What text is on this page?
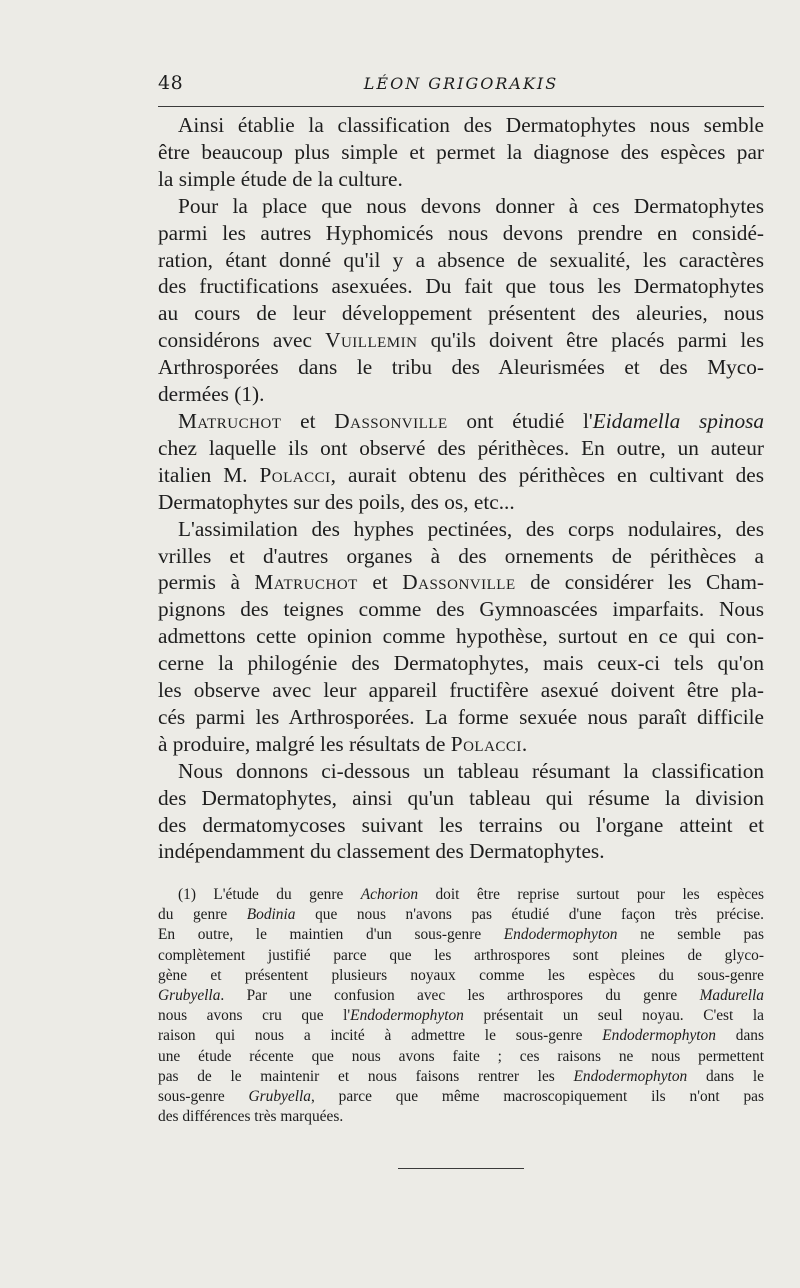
48	LÉON GRIGORAKIS
Ainsi établie la classification des Dermatophytes nous semble
être beaucoup plus simple et permet la diagnose des espèces par
la simple étude de la culture.
Pour la place que nous devons donner à ces Dermatophytes
parmi les autres Hyphomicés nous devons prendre en considé-
ration, étant donné qu'il y a absence de sexualité, les caractères
des fructifications asexuées. Du fait que tous les Dermatophytes
au cours de leur développement présentent des aleuries, nous
considérons avec Vuillemin qu'ils doivent être placés parmi les
Arthrosporées dans le tribu des Aleurismées et des Myco-
dermées (1).
Matruchot et Dassonville ont étudié l'Eidamella spinosa
chez laquelle ils ont observé des périthèces. En outre, un auteur
italien M. Polacci, aurait obtenu des périthèces en cultivant des
Dermatophytes sur des poils, des os, etc...
L'assimilation des hyphes pectinées, des corps nodulaires, des
vrilles et d'autres organes à des ornements de périthèces a
permis à Matruchot et Dassonville de considérer les Cham-
pignons des teignes comme des Gymnoascées imparfaits. Nous
admettons cette opinion comme hypothèse, surtout en ce qui con-
cerne la philogénie des Dermatophytes, mais ceux-ci tels qu'on
les observe avec leur appareil fructifère asexué doivent être pla-
cés parmi les Arthrosporées. La forme sexuée nous paraît difficile
à produire, malgré les résultats de Polacci.
Nous donnons ci-dessous un tableau résumant la classification
des Dermatophytes, ainsi qu'un tableau qui résume la division
des dermatomycoses suivant les terrains ou l'organe atteint et
indépendamment du classement des Dermatophytes.
(1) L'étude du genre Achorion doit être reprise surtout pour les espèces
du genre Bodinia que nous n'avons pas étudié d'une façon très précise.
En outre, le maintien d'un sous-genre Endodermophyton ne semble pas
complètement justifié parce que les arthrospores sont pleines de glyco-
gène et présentent plusieurs noyaux comme les espèces du sous-genre
Grubyella. Par une confusion avec les arthrospores du genre Madurella
nous avons cru que l'Endodermophyton présentait un seul noyau. C'est la
raison qui nous a incité à admettre le sous-genre Endodermophyton dans
une étude récente que nous avons faite ; ces raisons ne nous permettent
pas de le maintenir et nous faisons rentrer les Endodermophyton dans le
sous-genre Grubyella, parce que même macroscopiquement ils n'ont pas
des différences très marquées.
